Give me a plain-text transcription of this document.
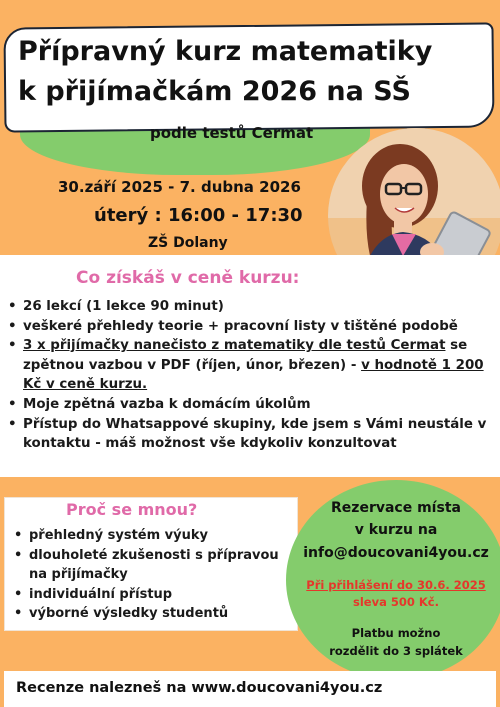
Přípravný kurz matematiky
k přijímačkám 2026 na SŠ
podle testů Cermat
30.září 2025 - 7. dubna 2026
úterý : 16:00 - 17:30
ZŠ Dolany
Co získáš v ceně kurzu:
• 26 lekcí (1 lekce 90 minut)
• veškeré přehledy teorie + pracovní listy v tištěné podobě
• 3 x přijímačky nanečisto z matematiky dle testů Cermat se zpětnou vazbou v PDF (říjen, únor, březen) - v hodnotě 1 200 Kč v ceně kurzu.
• Moje zpětná vazba k domácím úkolům
• Přístup do Whatsappové skupiny, kde jsem s Vámi neustále v kontaktu - máš možnost vše kdykoliv konzultovat
Proč se mnou?
• přehledný systém výuky
• dlouholeté zkušenosti s přípravou na přijímačky
• individuální přístup
• výborné výsledky studentů
Rezervace místa
v kurzu na
info@doucovani4you.cz
Při přihlášení do 30.6. 2025
sleva 500 Kč.
Platbu možno
rozdělit do 3 splátek
Recenze nalezneš na www.doucovani4you.cz
